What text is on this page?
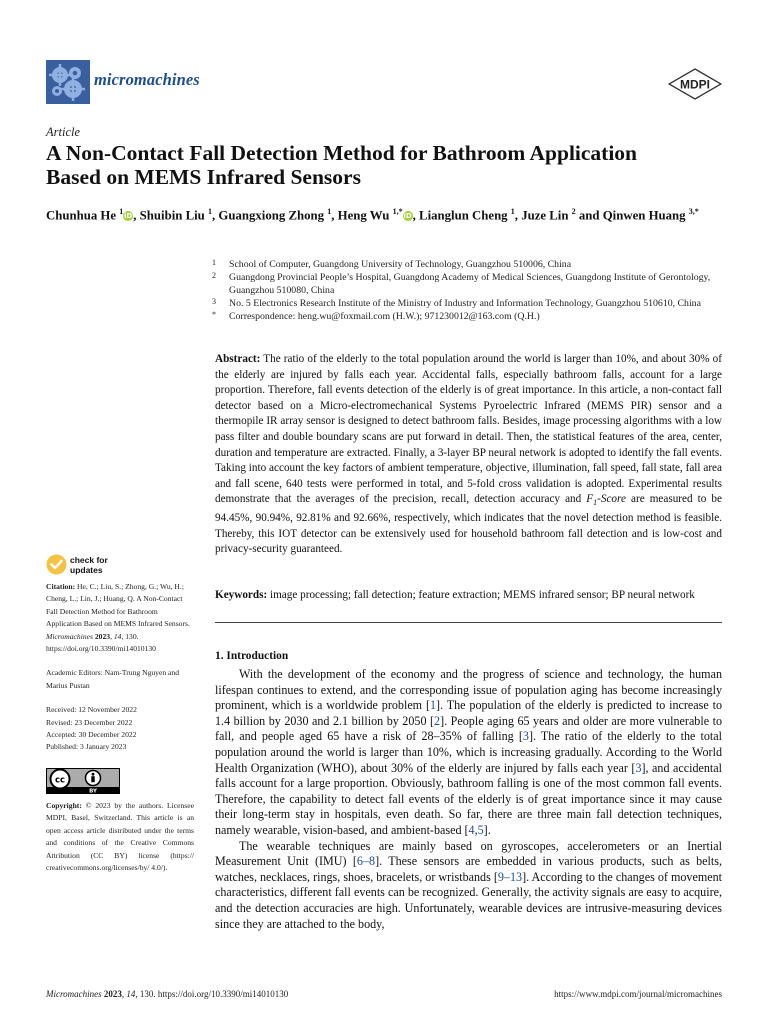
micromachines	MDPI
Article
A Non-Contact Fall Detection Method for Bathroom Application Based on MEMS Infrared Sensors
Chunhua He $^1$iD, Shuibin Liu $^1$, Guangxiong Zhong $^1$, Heng Wu $^{1,*}$iD, Lianglun Cheng $^1$, Juze Lin $^2$ and Qinwen Huang $^{3,*}$
1	School of Computer, Guangdong University of Technology, Guangzhou 510006, China
2	Guangdong Provincial People’s Hospital, Guangdong Academy of Medical Sciences, Guangdong Institute of Gerontology, Guangzhou 510080, China
3	No. 5 Electronics Research Institute of the Ministry of Industry and Information Technology, Guangzhou 510610, China
*	Correspondence: heng.wu@foxmail.com (H.W.); 971230012@163.com (Q.H.)
Abstract: The ratio of the elderly to the total population around the world is larger than 10%, and about 30% of the elderly are injured by falls each year. Accidental falls, especially bathroom falls, account for a large proportion. Therefore, fall events detection of the elderly is of great importance. In this article, a non-contact fall detector based on a Micro-electromechanical Systems Pyroelectric Infrared (MEMS PIR) sensor and a thermopile IR array sensor is designed to detect bathroom falls. Besides, image processing algorithms with a low pass filter and double boundary scans are put forward in detail. Then, the statistical features of the area, center, duration and temperature are extracted. Finally, a 3-layer BP neural network is adopted to identify the fall events. Taking into account the key factors of ambient temperature, objective, illumination, fall speed, fall state, fall area and fall scene, 640 tests were performed in total, and 5-fold cross validation is adopted. Experimental results demonstrate that the averages of the precision, recall, detection accuracy and $F_1$-Score are measured to be 94.45%, 90.94%, 92.81% and 92.66%, respectively, which indicates that the novel detection method is feasible. Thereby, this IOT detector can be extensively used for household bathroom fall detection and is low-cost and privacy-security guaranteed.
Keywords: image processing; fall detection; feature extraction; MEMS infrared sensor; BP neural network
check for
updates

Citation: He, C.; Liu, S.; Zhong, G.; Wu, H.; Cheng, L.; Lin, J.; Huang, Q. A Non-Contact Fall Detection Method for Bathroom Application Based on MEMS Infrared Sensors. Micromachines 2023, 14, 130. https://doi.org/10.3390/mi14010130

Academic Editors: Nam-Trung Nguyen and Marius Pustan

Received: 12 November 2022

Revised: 23 December 2022

Accepted: 30 December 2022

Published: 3 January 2023

cc
BY

Copyright: © 2023 by the authors. Licensee MDPI, Basel, Switzerland. This article is an open access article distributed under the terms and conditions of the Creative Commons Attribution (CC BY) license (https:// creativecommons.org/licenses/by/ 4.0/).

1. Introduction

With the development of the economy and the progress of science and technology, the human lifespan continues to extend, and the corresponding issue of population aging has become increasingly prominent, which is a worldwide problem [1]. The population of the elderly is predicted to increase to 1.4 billion by 2030 and 2.1 billion by 2050 [2]. People aging 65 years and older are more vulnerable to fall, and people aged 65 have a risk of 28–35% of falling [3]. The ratio of the elderly to the total population around the world is larger than 10%, which is increasing gradually. According to the World Health Organization (WHO), about 30% of the elderly are injured by falls each year [3], and accidental falls account for a large proportion. Obviously, bathroom falling is one of the most common fall events. Therefore, the capability to detect fall events of the elderly is of great importance since it may cause their long-term stay in hospitals, even death. So far, there are three main fall detection techniques, namely wearable, vision-based, and ambient-based [4,5].

The wearable techniques are mainly based on gyroscopes, accelerometers or an Inertial Measurement Unit (IMU) [6–8]. These sensors are embedded in various products, such as belts, watches, necklaces, rings, shoes, bracelets, or wristbands [9–13]. According to the changes of movement characteristics, different fall events can be recognized. Generally, the activity signals are easy to acquire, and the detection accuracies are high. Unfortunately, wearable devices are intrusive-measuring devices since they are attached to the body,

Micromachines 2023, 14, 130. https://doi.org/10.3390/mi14010130	https://www.mdpi.com/journal/micromachines
